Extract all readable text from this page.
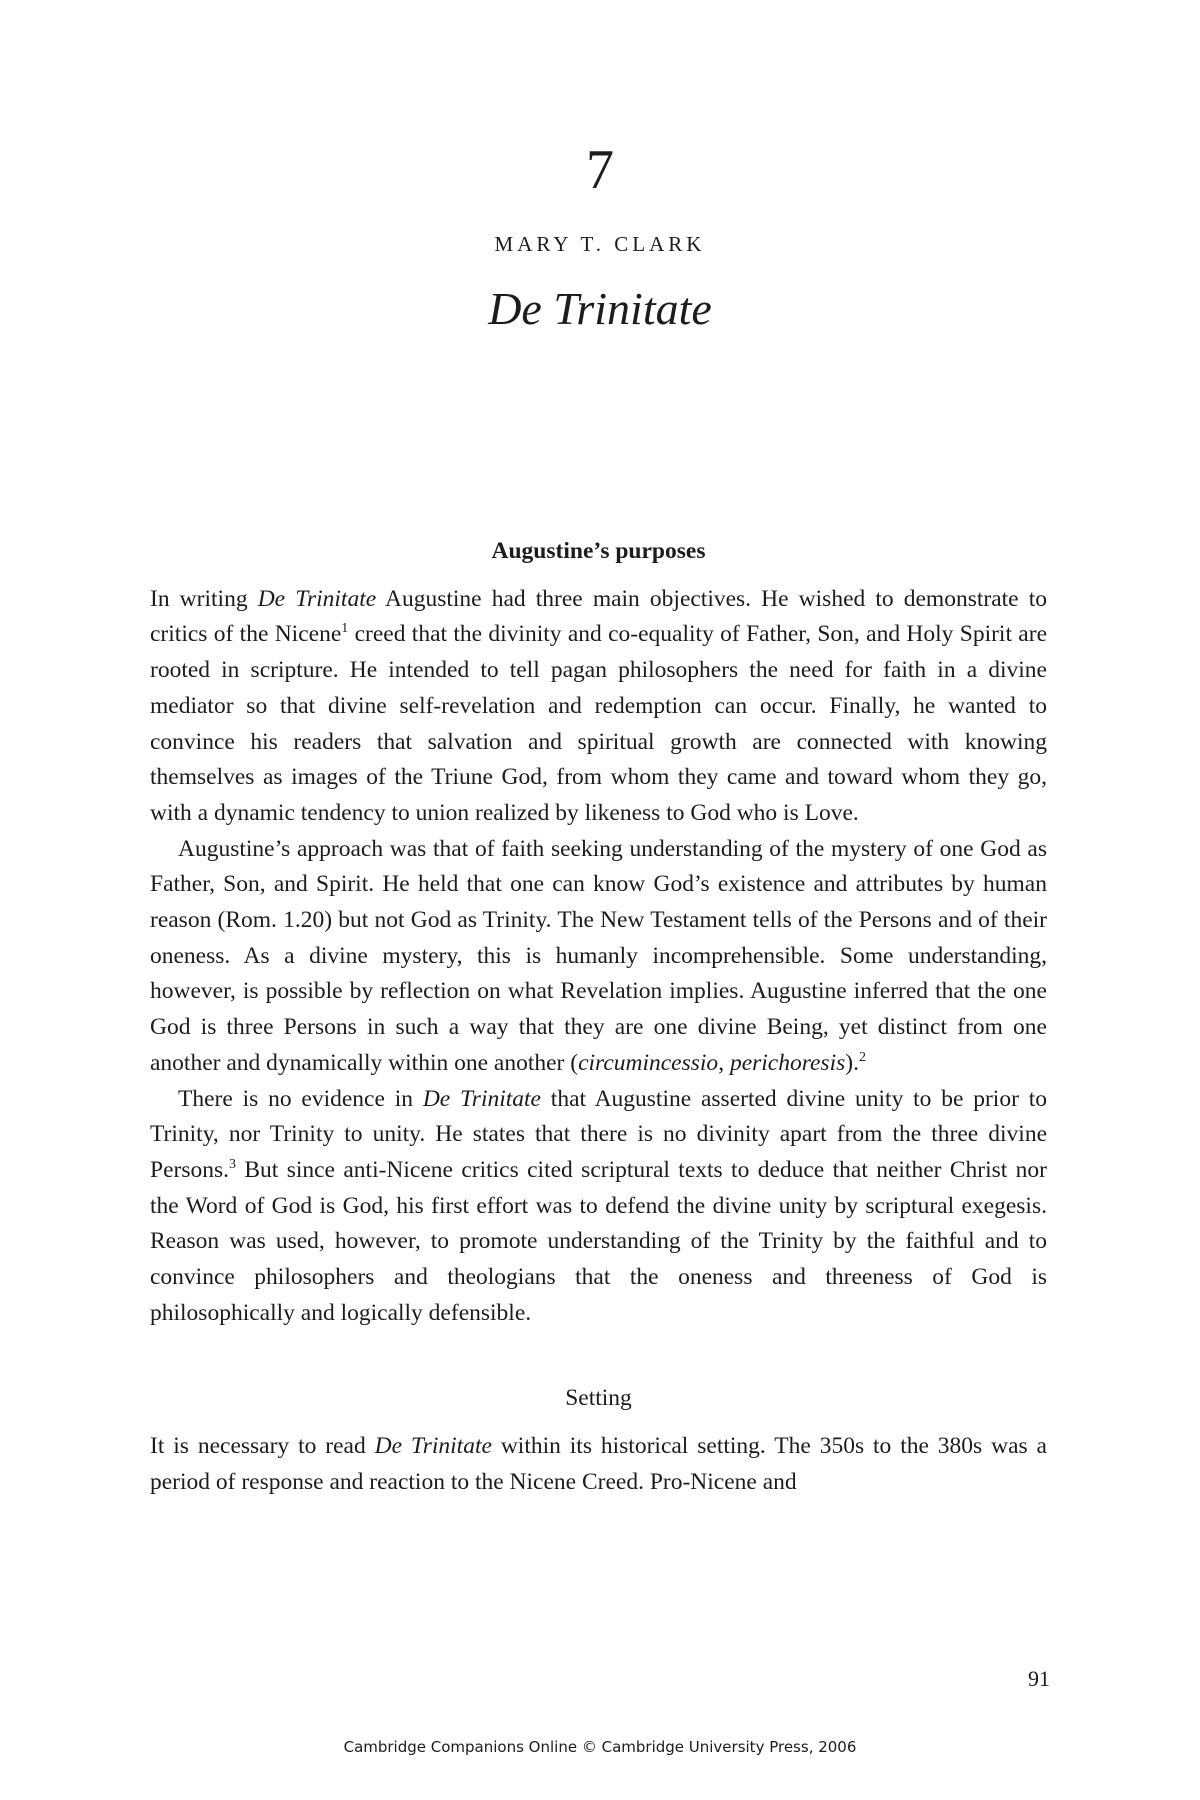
7
MARY T. CLARK
De Trinitate
Augustine’s purposes

In writing De Trinitate Augustine had three main objectives. He wished to demonstrate to critics of the Nicene$^1$ creed that the divinity and co-equality of Father, Son, and Holy Spirit are rooted in scripture. He intended to tell pagan philosophers the need for faith in a divine mediator so that divine self-revelation and redemption can occur. Finally, he wanted to convince his readers that salvation and spiritual growth are connected with knowing themselves as images of the Triune God, from whom they came and toward whom they go, with a dynamic tendency to union realized by likeness to God who is Love.

Augustine’s approach was that of faith seeking understanding of the mystery of one God as Father, Son, and Spirit. He held that one can know God’s existence and attributes by human reason (Rom. 1.20) but not God as Trinity. The New Testament tells of the Persons and of their oneness. As a divine mystery, this is humanly incomprehensible. Some understanding, however, is possible by reflection on what Revelation implies. Augustine inferred that the one God is three Persons in such a way that they are one divine Being, yet distinct from one another and dynamically within one another (circumincessio, perichoresis).$^2$

There is no evidence in De Trinitate that Augustine asserted divine unity to be prior to Trinity, nor Trinity to unity. He states that there is no divinity apart from the three divine Persons.$^3$ But since anti-Nicene critics cited scriptural texts to deduce that neither Christ nor the Word of God is God, his first effort was to defend the divine unity by scriptural exegesis. Reason was used, however, to promote understanding of the Trinity by the faithful and to convince philosophers and theologians that the oneness and threeness of God is philosophically and logically defensible.

Setting

It is necessary to read De Trinitate within its historical setting. The 350s to the 380s was a period of response and reaction to the Nicene Creed. Pro-Nicene and

91
Cambridge Companions Online © Cambridge University Press, 2006
